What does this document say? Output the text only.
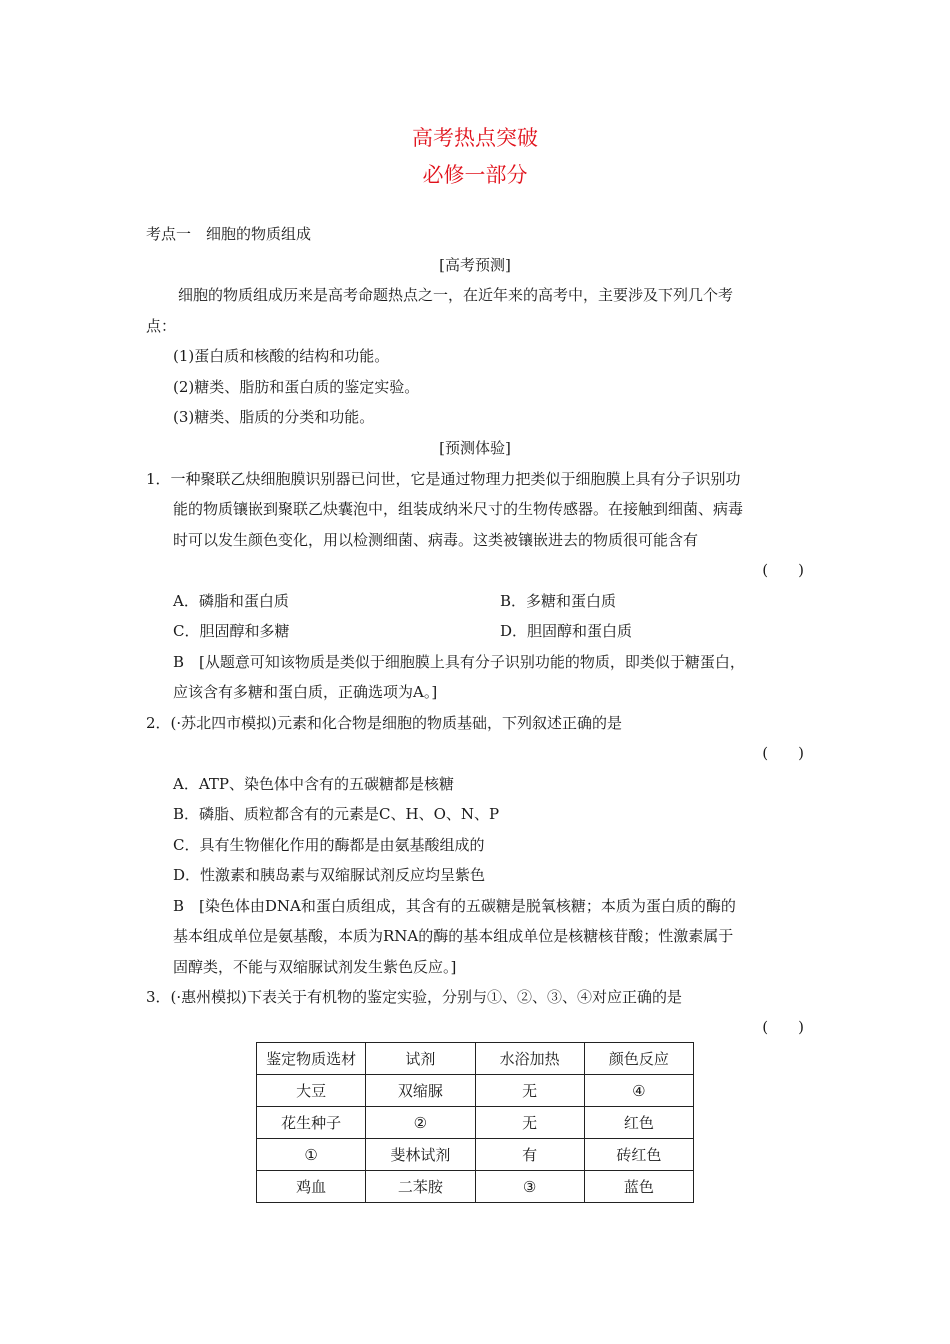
高考热点突破
必修一部分
考点一　细胞的物质组成
[高考预测]
细胞的物质组成历来是高考命题热点之一，在近年来的高考中，主要涉及下列几个考
点：
(1)蛋白质和核酸的结构和功能。
(2)糖类、脂肪和蛋白质的鉴定实验。
(3)糖类、脂质的分类和功能。
[预测体验]
1．一种聚联乙炔细胞膜识别器已问世，它是通过物理力把类似于细胞膜上具有分子识别功
能的物质镶嵌到聚联乙炔囊泡中，组装成纳米尺寸的生物传感器。在接触到细菌、病毒
时可以发生颜色变化，用以检测细菌、病毒。这类被镶嵌进去的物质很可能含有
(　　)
A．磷脂和蛋白质	B．多糖和蛋白质
C．胆固醇和多糖	D．胆固醇和蛋白质
B　[从题意可知该物质是类似于细胞膜上具有分子识别功能的物质，即类似于糖蛋白，
应该含有多糖和蛋白质，正确选项为A。]
2．(·苏北四市模拟)元素和化合物是细胞的物质基础，下列叙述正确的是
(　　)
A．ATP、染色体中含有的五碳糖都是核糖
B．磷脂、质粒都含有的元素是C、H、O、N、P
C．具有生物催化作用的酶都是由氨基酸组成的
D．性激素和胰岛素与双缩脲试剂反应均呈紫色
B　[染色体由DNA和蛋白质组成，其含有的五碳糖是脱氧核糖；本质为蛋白质的酶的
基本组成单位是氨基酸，本质为RNA的酶的基本组成单位是核糖核苷酸；性激素属于
固醇类，不能与双缩脲试剂发生紫色反应。]
3．(·惠州模拟)下表关于有机物的鉴定实验，分别与①、②、③、④对应正确的是
(　　)
鉴定物质选材	试剂	水浴加热	颜色反应
大豆	双缩脲	无	④
花生种子	②	无	红色
①	斐林试剂	有	砖红色
鸡血	二苯胺	③	蓝色
